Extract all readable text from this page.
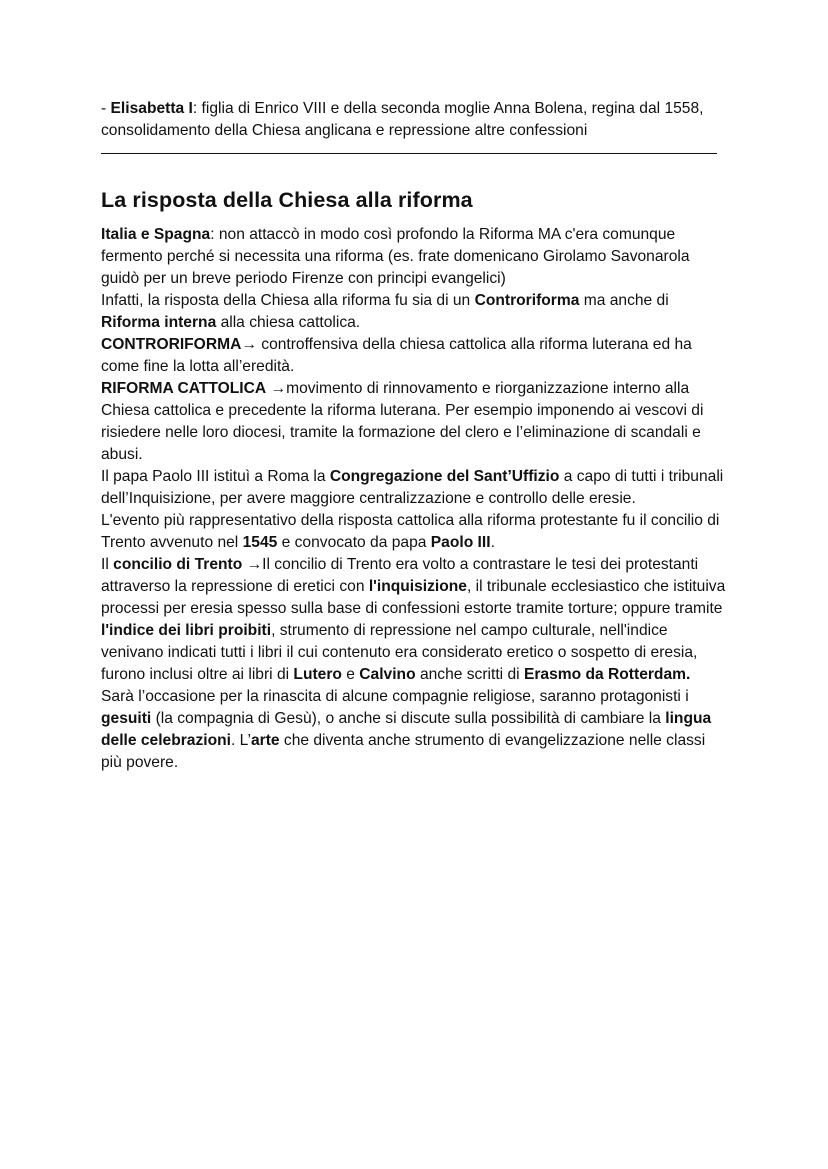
- Elisabetta I: figlia di Enrico VIII e della seconda moglie Anna Bolena, regina dal 1558, consolidamento della Chiesa anglicana e repressione altre confessioni

La risposta della Chiesa alla riforma

Italia e Spagna: non attaccò in modo così profondo la Riforma MA c'era comunque fermento perché si necessita una riforma (es. frate domenicano Girolamo Savonarola guidò per un breve periodo Firenze con principi evangelici)

Infatti, la risposta della Chiesa alla riforma fu sia di un Controriforma ma anche di Riforma interna alla chiesa cattolica.

CONTRORIFORMA→ controffensiva della chiesa cattolica alla riforma luterana ed ha come fine la lotta all’eredità.

RIFORMA CATTOLICA →movimento di rinnovamento e riorganizzazione interno alla Chiesa cattolica e precedente la riforma luterana. Per esempio imponendo ai vescovi di risiedere nelle loro diocesi, tramite la formazione del clero e l’eliminazione di scandali e abusi.

Il papa Paolo III istituì a Roma la Congregazione del Sant’Uffizio a capo di tutti i tribunali dell’Inquisizione, per avere maggiore centralizzazione e controllo delle eresie.

L'evento più rappresentativo della risposta cattolica alla riforma protestante fu il concilio di Trento avvenuto nel 1545 e convocato da papa Paolo III.

Il concilio di Trento →Il concilio di Trento era volto a contrastare le tesi dei protestanti attraverso la repressione di eretici con l'inquisizione, il tribunale ecclesiastico che istituiva processi per eresia spesso sulla base di confessioni estorte tramite torture; oppure tramite l'indice dei libri proibiti, strumento di repressione nel campo culturale, nell'indice venivano indicati tutti i libri il cui contenuto era considerato eretico o sospetto di eresia, furono inclusi oltre ai libri di Lutero e Calvino anche scritti di Erasmo da Rotterdam.

Sarà l’occasione per la rinascita di alcune compagnie religiose, saranno protagonisti i gesuiti (la compagnia di Gesù), o anche si discute sulla possibilità di cambiare la lingua delle celebrazioni. L’arte che diventa anche strumento di evangelizzazione nelle classi più povere.
